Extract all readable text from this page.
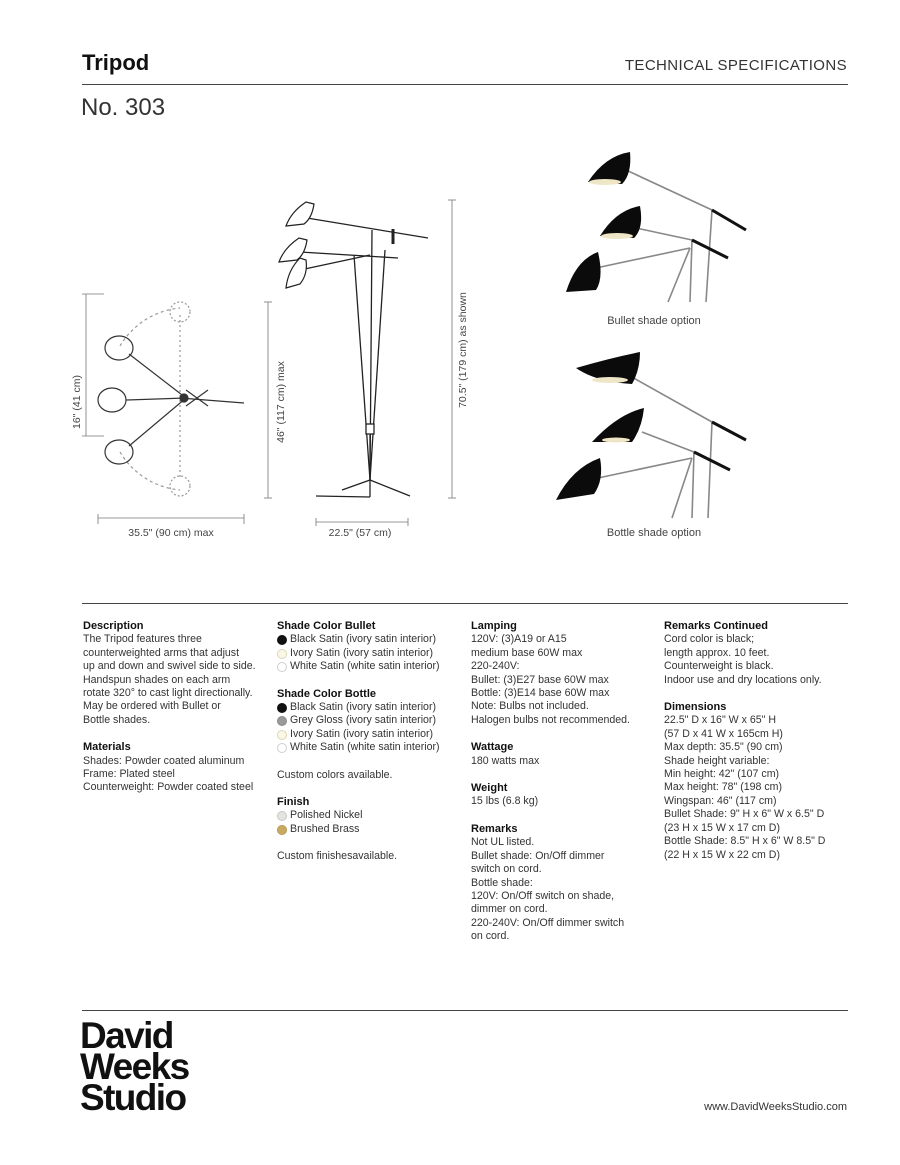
Tripod	TECHNICAL SPECIFICATIONS
No. 303
16" (41 cm)
35.5" (90 cm) max
46" (117 cm) max	70.5" (179 cm) as shown
22.5" (57 cm)
Bullet shade option
Bottle shade option
Description
The Tripod features three
counterweighted arms that adjust
up and down and swivel side to side.
Handspun shades on each arm
rotate 320° to cast light directionally.
May be ordered with Bullet or
Bottle shades.
Materials
Shades: Powder coated aluminum
Frame: Plated steel
Counterweight: Powder coated steel
Shade Color Bullet
Black Satin (ivory satin interior)
Ivory Satin (ivory satin interior)
White Satin (white satin interior)
Shade Color Bottle
Black Satin (ivory satin interior)
Grey Gloss (ivory satin interior)
Ivory Satin (ivory satin interior)
White Satin (white satin interior)
Custom colors available.
Finish
Polished Nickel
Brushed Brass
Custom finishesavailable.
Lamping
120V: (3)A19 or A15
medium base 60W max
220-240V:
Bullet: (3)E27 base 60W max
Bottle: (3)E14 base 60W max
Note: Bulbs not included.
Halogen bulbs not recommended.
Wattage
180 watts max
Weight
15 lbs (6.8 kg)
Remarks
Not UL listed.
Bullet shade: On/Off dimmer
switch on cord.
Bottle shade:
120V: On/Off switch on shade,
dimmer on cord.
220-240V: On/Off dimmer switch
on cord.
Remarks Continued
Cord color is black;
length approx. 10 feet.
Counterweight is black.
Indoor use and dry locations only.
Dimensions
22.5" D x 16" W x 65" H
(57 D x 41 W x 165cm H)
Max depth: 35.5" (90 cm)
Shade height variable:
Min height: 42" (107 cm)
Max height: 78" (198 cm)
Wingspan: 46" (117 cm)
Bullet Shade: 9" H x 6" W x 6.5" D
(23 H x 15 W x 17 cm D)
Bottle Shade: 8.5" H x 6" W 8.5" D
(22 H x 15 W x 22 cm D)
David
Weeks
Studio	www.DavidWeeksStudio.com
